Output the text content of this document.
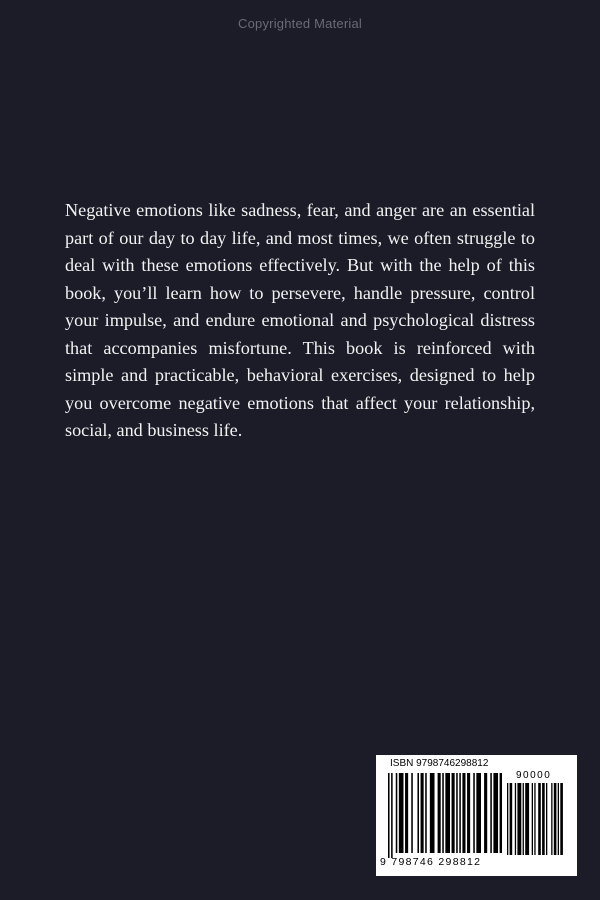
Copyrighted Material

Negative emotions like sadness, fear, and anger are an essential part of our day to day life, and most times, we often struggle to deal with these emotions effectively. But with the help of this book, you’ll learn how to persevere, handle pressure, control your impulse, and endure emotional and psychological distress that accompanies misfortune. This book is reinforced with simple and practicable, behavioral exercises, designed to help you overcome negative emotions that affect your relationship, social, and business life.

ISBN 9798746298812
90000
9 798746 298812
